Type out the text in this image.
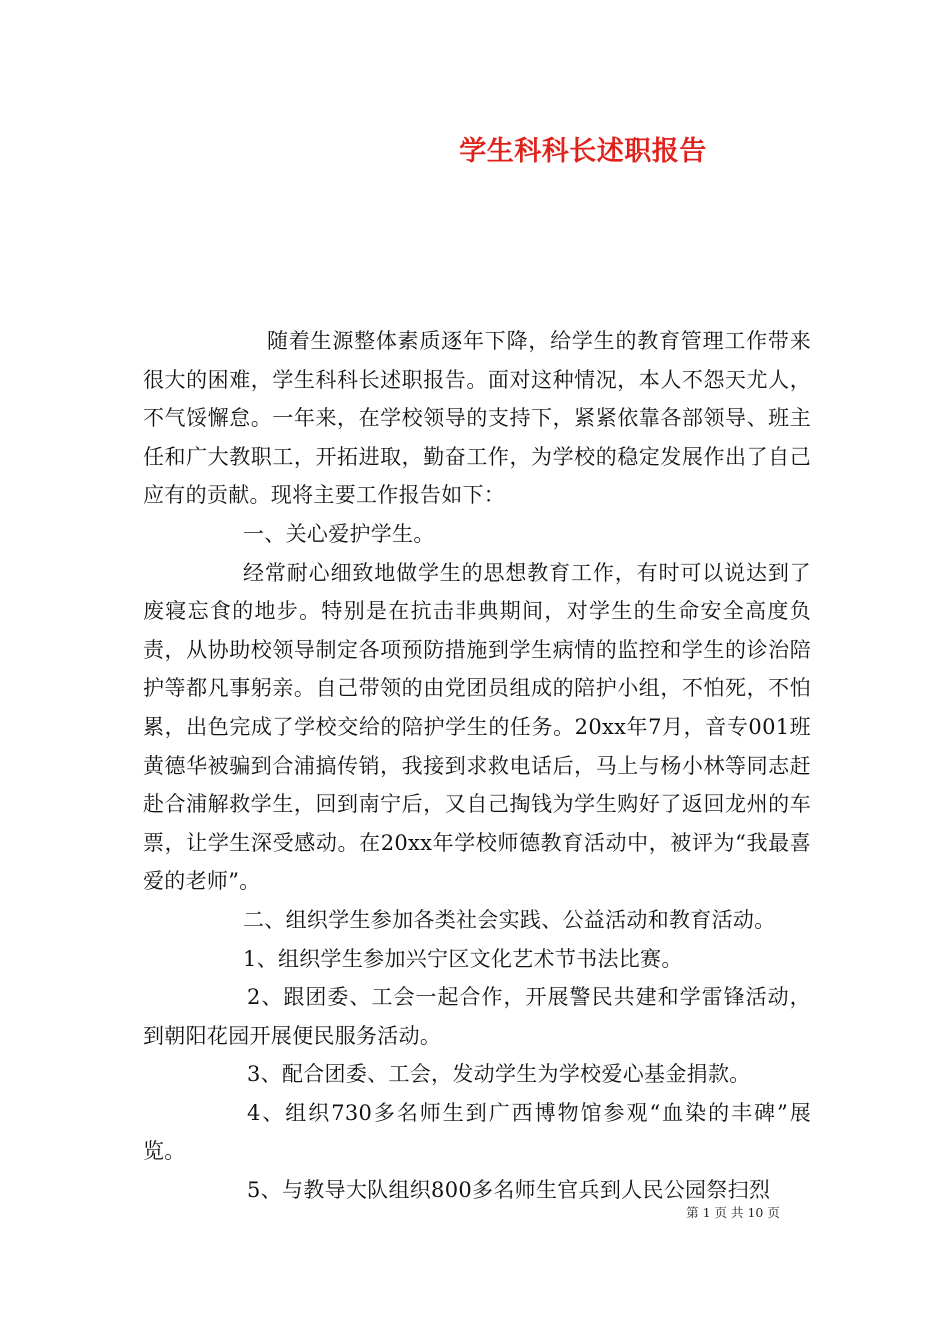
学生科科长述职报告

随着生源整体素质逐年下降，给学生的教育管理工作带来很大的困难，学生科科长述职报告。面对这种情况，本人不怨天尤人，不气馁懈怠。一年来，在学校领导的支持下，紧紧依靠各部领导、班主任和广大教职工，开拓进取，勤奋工作，为学校的稳定发展作出了自己应有的贡献。现将主要工作报告如下：

一、关心爱护学生。

经常耐心细致地做学生的思想教育工作，有时可以说达到了废寝忘食的地步。特别是在抗击非典期间，对学生的生命安全高度负责，从协助校领导制定各项预防措施到学生病情的监控和学生的诊治陪护等都凡事躬亲。自己带领的由党团员组成的陪护小组，不怕死，不怕累，出色完成了学校交给的陪护学生的任务。20xx年7月，音专001班黄德华被骗到合浦搞传销，我接到求救电话后，马上与杨小林等同志赶赴合浦解救学生，回到南宁后，又自己掏钱为学生购好了返回龙州的车票，让学生深受感动。在20xx年学校师德教育活动中，被评为“我最喜爱的老师”。

二、组织学生参加各类社会实践、公益活动和教育活动。

1、组织学生参加兴宁区文化艺术节书法比赛。

2、跟团委、工会一起合作，开展警民共建和学雷锋活动，到朝阳花园开展便民服务活动。

3、配合团委、工会，发动学生为学校爱心基金捐款。

4、组织730多名师生到广西博物馆参观“血染的丰碑”展览。

5、与教导大队组织800多名师生官兵到人民公园祭扫烈

第 1 页 共 10 页
